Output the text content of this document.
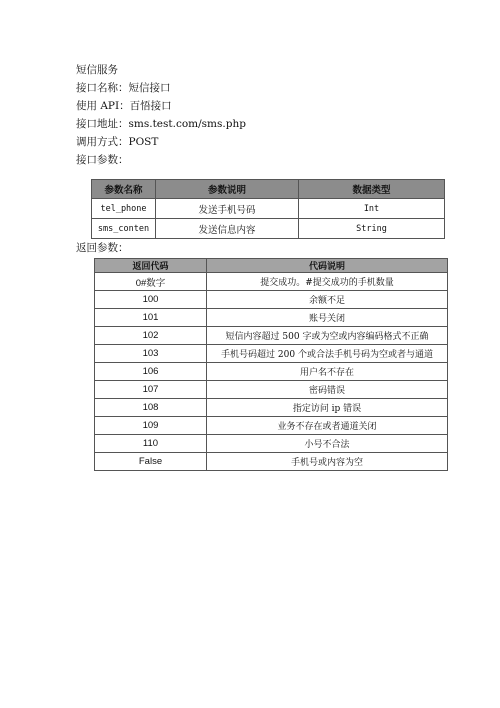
短信服务
接口名称：短信接口
使用 API：百悟接口
接口地址：sms.test.com/sms.php
调用方式：POST
接口参数：
参数名称	参数说明	数据类型
tel_phone	发送手机号码	Int
sms_conten	发送信息内容	String
返回参数：
返回代码	代码说明
0#数字	提交成功。#提交成功的手机数量
100	余额不足
101	账号关闭
102	短信内容超过 500 字或为空或内容编码格式不正确
103	手机号码超过 200 个或合法手机号码为空或者与通道
106	用户名不存在
107	密码错误
108	指定访问 ip 错误
109	业务不存在或者通道关闭
110	小号不合法
False	手机号或内容为空
